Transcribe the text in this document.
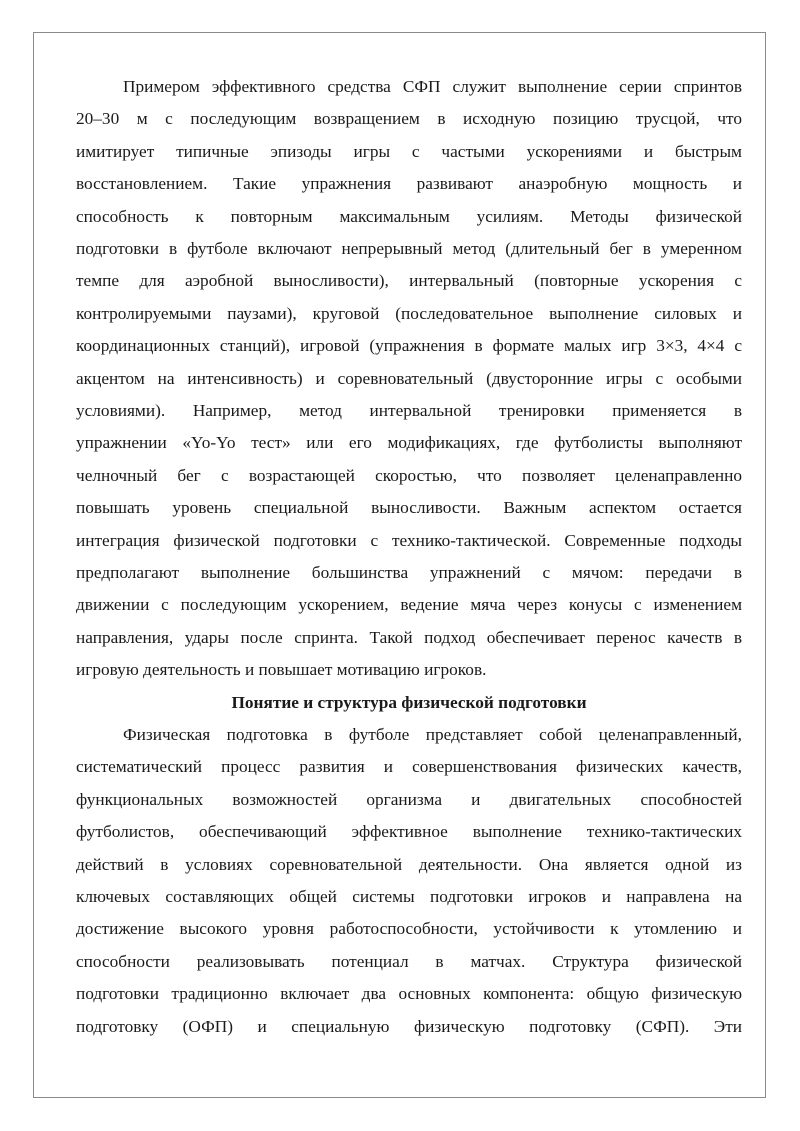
Примером эффективного средства СФП служит выполнение серии спринтов
20–30 м с последующим возвращением в исходную позицию трусцой, что
имитирует типичные эпизоды игры с частыми ускорениями и быстрым
восстановлением. Такие упражнения развивают анаэробную мощность и
способность к повторным максимальным усилиям. Методы физической
подготовки в футболе включают непрерывный метод (длительный бег в умеренном
темпе для аэробной выносливости), интервальный (повторные ускорения с
контролируемыми паузами), круговой (последовательное выполнение силовых и
координационных станций), игровой (упражнения в формате малых игр 3×3, 4×4 с
акцентом на интенсивность) и соревновательный (двусторонние игры с особыми
условиями). Например, метод интервальной тренировки применяется в
упражнении «Yo-Yo тест» или его модификациях, где футболисты выполняют
челночный бег с возрастающей скоростью, что позволяет целенаправленно
повышать уровень специальной выносливости. Важным аспектом остается
интеграция физической подготовки с технико-тактической. Современные подходы
предполагают выполнение большинства упражнений с мячом: передачи в
движении с последующим ускорением, ведение мяча через конусы с изменением
направления, удары после спринта. Такой подход обеспечивает перенос качеств в
игровую деятельность и повышает мотивацию игроков.
Понятие и структура физической подготовки
Физическая подготовка в футболе представляет собой целенаправленный,
систематический процесс развития и совершенствования физических качеств,
функциональных возможностей организма и двигательных способностей
футболистов, обеспечивающий эффективное выполнение технико-тактических
действий в условиях соревновательной деятельности. Она является одной из
ключевых составляющих общей системы подготовки игроков и направлена на
достижение высокого уровня работоспособности, устойчивости к утомлению и
способности реализовывать потенциал в матчах. Структура физической
подготовки традиционно включает два основных компонента: общую физическую
подготовку (ОФП) и специальную физическую подготовку (СФП). Эти
